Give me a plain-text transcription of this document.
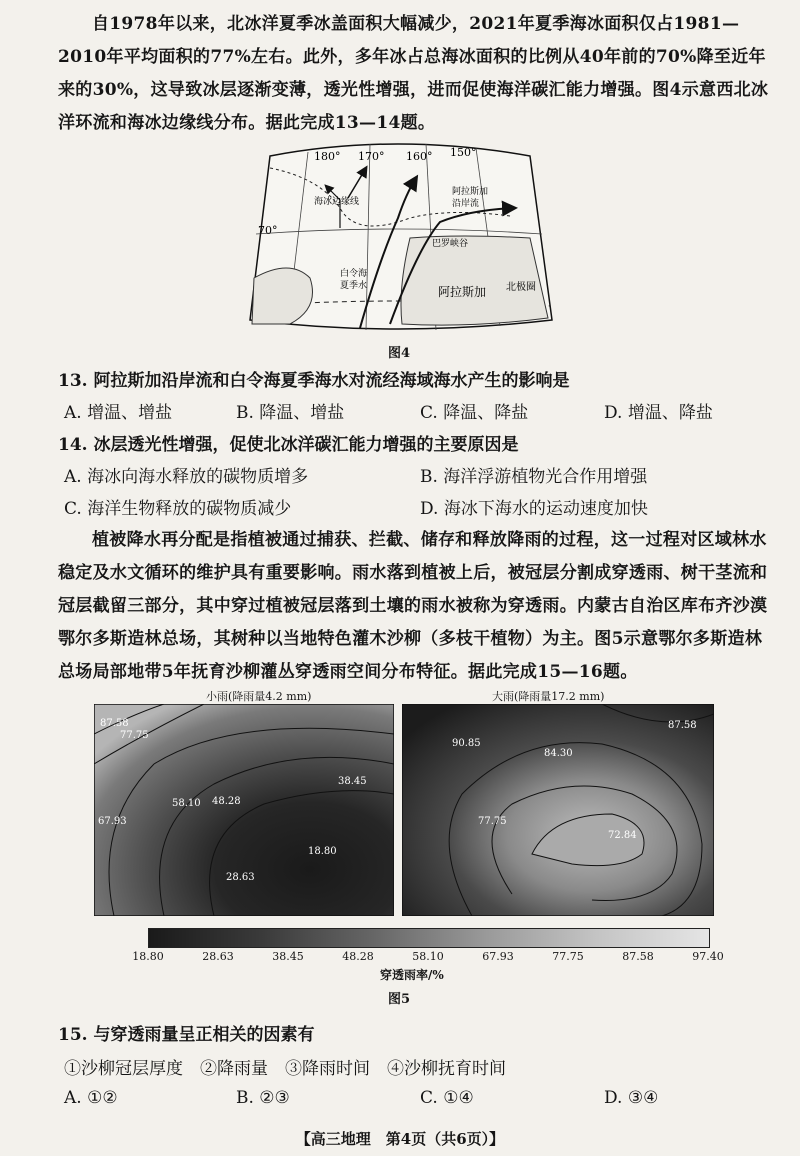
自1978年以来，北冰洋夏季冰盖面积大幅减少，2021年夏季海冰面积仅占1981—2010年平均面积的77%左右。此外，多年冰占总海冰面积的比例从40年前的70%降至近年来的30%，这导致冰层逐渐变薄，透光性增强，进而促使海洋碳汇能力增强。图4示意西北冰洋环流和海冰边缘线分布。据此完成13—14题。

180° 170° 160° 150°
70°
海冰边缘线
阿拉斯加
沿岸流
巴罗峡谷
白令海
夏季水	阿拉斯加 北极圈
图4

13. 阿拉斯加沿岸流和白令海夏季海水对流经海域海水产生的影响是

A. 增温、增盐	B. 降温、增盐	C. 降温、降盐	D. 增温、降盐

14. 冰层透光性增强，促使北冰洋碳汇能力增强的主要原因是

A. 海冰向海水释放的碳物质增多	B. 海洋浮游植物光合作用增强
C. 海洋生物释放的碳物质减少	D. 海冰下海水的运动速度加快

植被降水再分配是指植被通过捕获、拦截、储存和释放降雨的过程，这一过程对区域林水稳定及水文循环的维护具有重要影响。雨水落到植被上后，被冠层分割成穿透雨、树干茎流和冠层截留三部分，其中穿过植被冠层落到土壤的雨水被称为穿透雨。内蒙古自治区库布齐沙漠鄂尔多斯造林总场，其树种以当地特色灌木沙柳（多枝干植物）为主。图5示意鄂尔多斯造林总场局部地带5年抚育沙柳灌丛穿透雨空间分布特征。据此完成15—16题。

小雨(降雨量4.2 mm)	大雨(降雨量17.2 mm)
87.58
77.75
38.45
58.10 48.28
67.93
18.80
28.63
90.85
84.30
87.58
77.75
72.84
18.80	28.63	38.45	48.28	58.10	67.93	77.75	87.58	97.40
穿透雨率/%
图5

15. 与穿透雨量呈正相关的因素有

①沙柳冠层厚度　②降雨量　③降雨时间　④沙柳抚育时间
A. ①②	B. ②③	C. ①④	D. ③④
【高三地理　第4页（共6页）】
